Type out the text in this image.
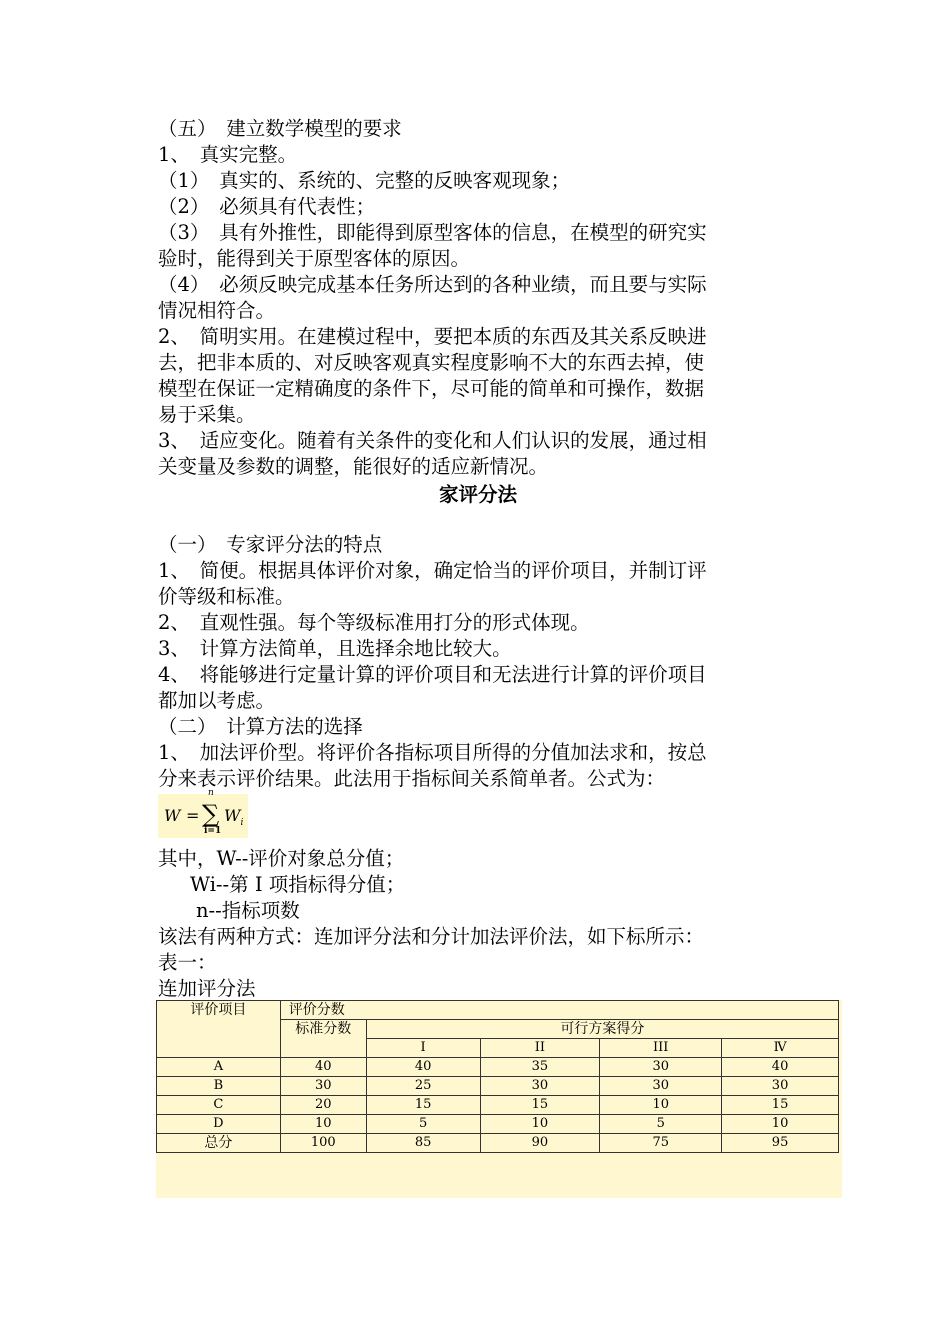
（五）　建立数学模型的要求
1、　真实完整。
（1）　真实的、系统的、完整的反映客观现象；
（2）　必须具有代表性；
（3）　具有外推性，即能得到原型客体的信息，在模型的研究实
验时，能得到关于原型客体的原因。
（4）　必须反映完成基本任务所达到的各种业绩，而且要与实际
情况相符合。
2、　简明实用。在建模过程中，要把本质的东西及其关系反映进
去，把非本质的、对反映客观真实程度影响不大的东西去掉，使
模型在保证一定精确度的条件下，尽可能的简单和可操作，数据
易于采集。
3、　适应变化。随着有关条件的变化和人们认识的发展，通过相
关变量及参数的调整，能很好的适应新情况。
家评分法
（一）　专家评分法的特点
1、　简便。根据具体评价对象，确定恰当的评价项目，并制订评
价等级和标准。
2、　直观性强。每个等级标准用打分的形式体现。
3、　计算方法简单，且选择余地比较大。
4、　将能够进行定量计算的评价项目和无法进行计算的评价项目
都加以考虑。
（二）　计算方法的选择
1、　加法评价型。将评价各指标项目所得的分值加法求和，按总
分来表示评价结果。此法用于指标间关系简单者。公式为：
W =
n
∑
i=1
$W_i$
其中，W--评价对象总分值；
Wi--第 I 项指标得分值；
n--指标项数
该法有两种方式：连加评分法和分计加法评价法，如下标所示：
表一：
连加评分法
评价项目	评价分数				
	标准分数	可行方案得分			
		I	II	III	Ⅳ
A	40	40	35	30	40
B	30	25	30	30	30
C	20	15	15	10	15
D	10	5	10	5	10
总分	100	85	90	75	95
